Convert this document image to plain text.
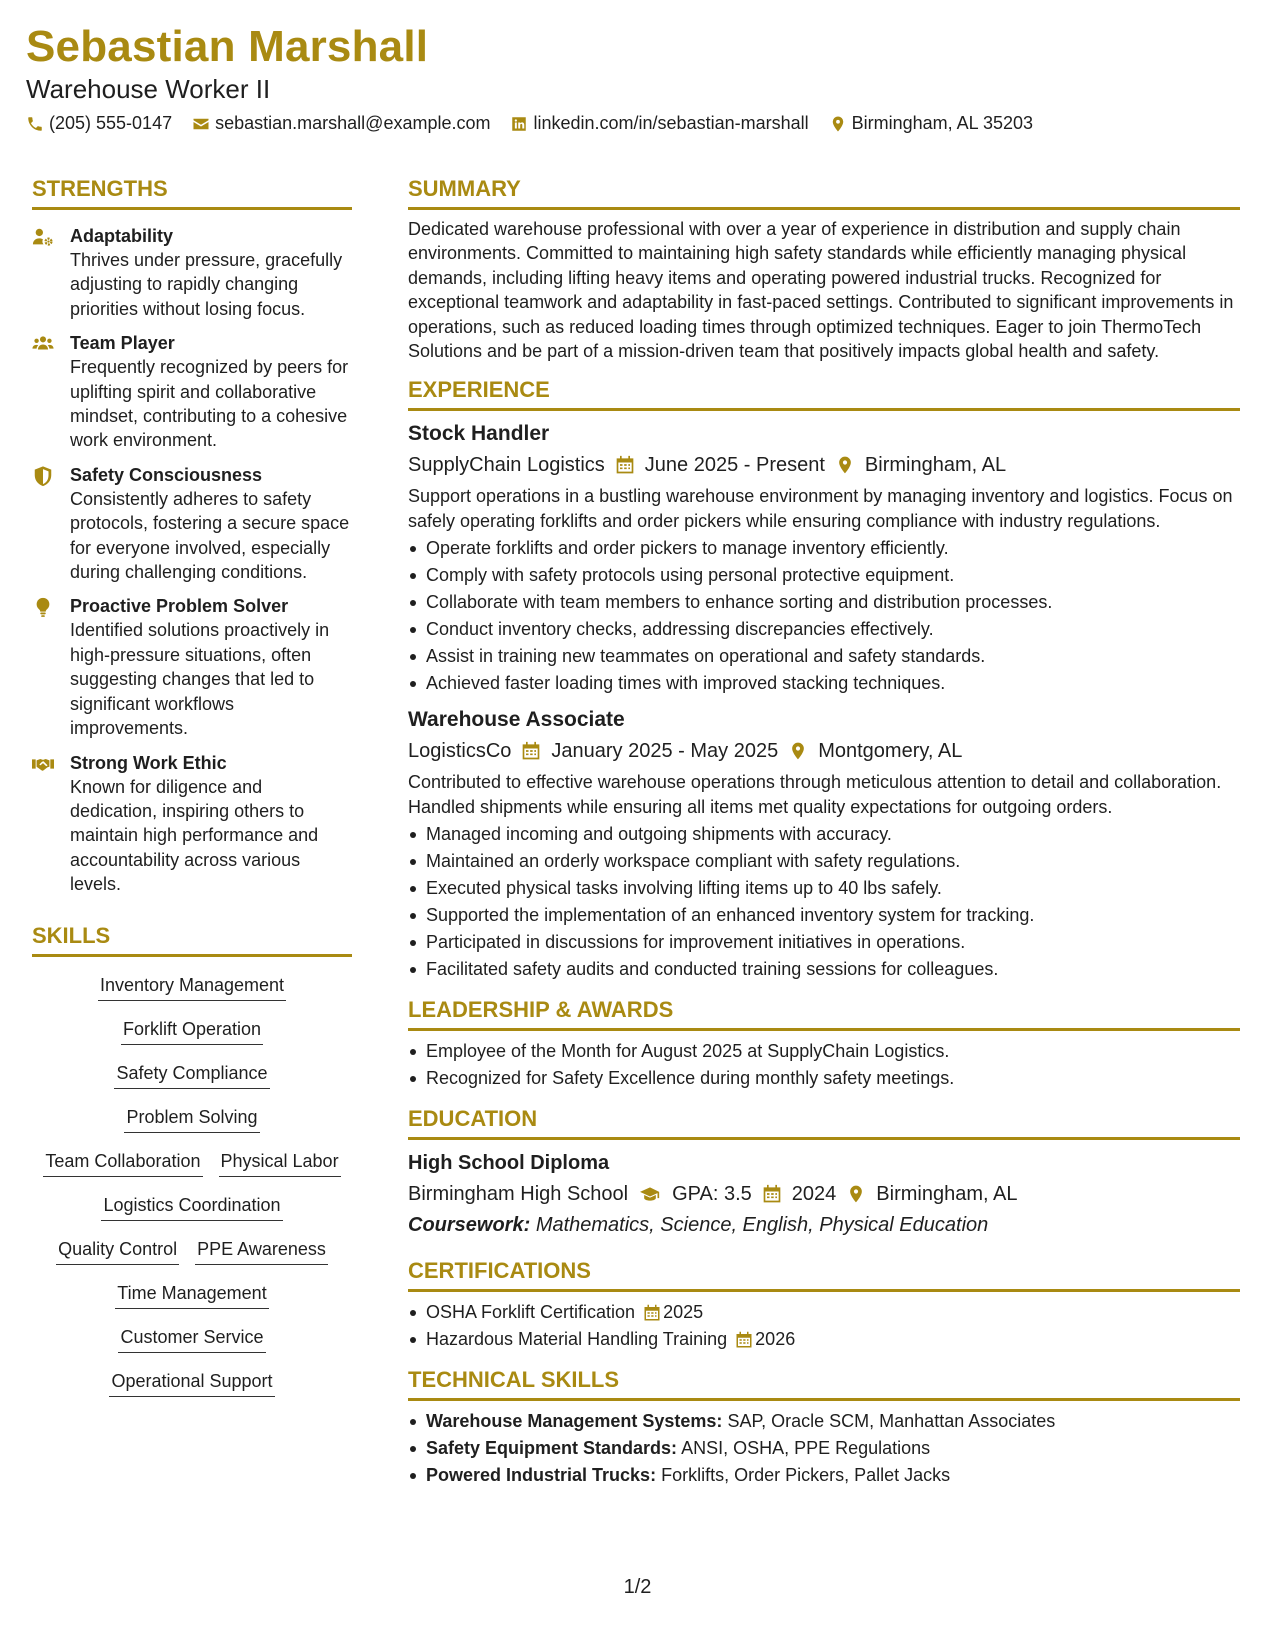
Sebastian Marshall
Warehouse Worker II
(205) 555-0147 sebastian.marshall@example.com linkedin.com/in/sebastian-marshall Birmingham, AL 35203
STRENGTHS
Adaptability
Thrives under pressure, gracefully adjusting to rapidly changing priorities without losing focus.
Team Player
Frequently recognized by peers for uplifting spirit and collaborative mindset, contributing to a cohesive work environment.
Safety Consciousness
Consistently adheres to safety protocols, fostering a secure space for everyone involved, especially during challenging conditions.
Proactive Problem Solver
Identified solutions proactively in high-pressure situations, often suggesting changes that led to significant workflows improvements.
Strong Work Ethic
Known for diligence and dedication, inspiring others to maintain high performance and accountability across various levels.
SKILLS
Inventory Management
Forklift Operation
Safety Compliance
Problem Solving
Team Collaboration Physical Labor
Logistics Coordination
Quality Control PPE Awareness
Time Management
Customer Service
Operational Support
SUMMARY
Dedicated warehouse professional with over a year of experience in distribution and supply chain environments. Committed to maintaining high safety standards while efficiently managing physical demands, including lifting heavy items and operating powered industrial trucks. Recognized for exceptional teamwork and adaptability in fast-paced settings. Contributed to significant improvements in operations, such as reduced loading times through optimized techniques. Eager to join ThermoTech Solutions and be part of a mission-driven team that positively impacts global health and safety.
EXPERIENCE
Stock Handler
SupplyChain Logistics June 2025 - Present Birmingham, AL
Support operations in a bustling warehouse environment by managing inventory and logistics. Focus on safely operating forklifts and order pickers while ensuring compliance with industry regulations.
Operate forklifts and order pickers to manage inventory efficiently.
Comply with safety protocols using personal protective equipment.
Collaborate with team members to enhance sorting and distribution processes.
Conduct inventory checks, addressing discrepancies effectively.
Assist in training new teammates on operational and safety standards.
Achieved faster loading times with improved stacking techniques.
Warehouse Associate
LogisticsCo January 2025 - May 2025 Montgomery, AL
Contributed to effective warehouse operations through meticulous attention to detail and collaboration. Handled shipments while ensuring all items met quality expectations for outgoing orders.
Managed incoming and outgoing shipments with accuracy.
Maintained an orderly workspace compliant with safety regulations.
Executed physical tasks involving lifting items up to 40 lbs safely.
Supported the implementation of an enhanced inventory system for tracking.
Participated in discussions for improvement initiatives in operations.
Facilitated safety audits and conducted training sessions for colleagues.
LEADERSHIP & AWARDS
Employee of the Month for August 2025 at SupplyChain Logistics.
Recognized for Safety Excellence during monthly safety meetings.
EDUCATION
High School Diploma
Birmingham High School GPA: 3.5 2024 Birmingham, AL
Coursework: Mathematics, Science, English, Physical Education
CERTIFICATIONS
OSHA Forklift Certification 2025
Hazardous Material Handling Training 2026
TECHNICAL SKILLS
Warehouse Management Systems: SAP, Oracle SCM, Manhattan Associates
Safety Equipment Standards: ANSI, OSHA, PPE Regulations
Powered Industrial Trucks: Forklifts, Order Pickers, Pallet Jacks
1/2
